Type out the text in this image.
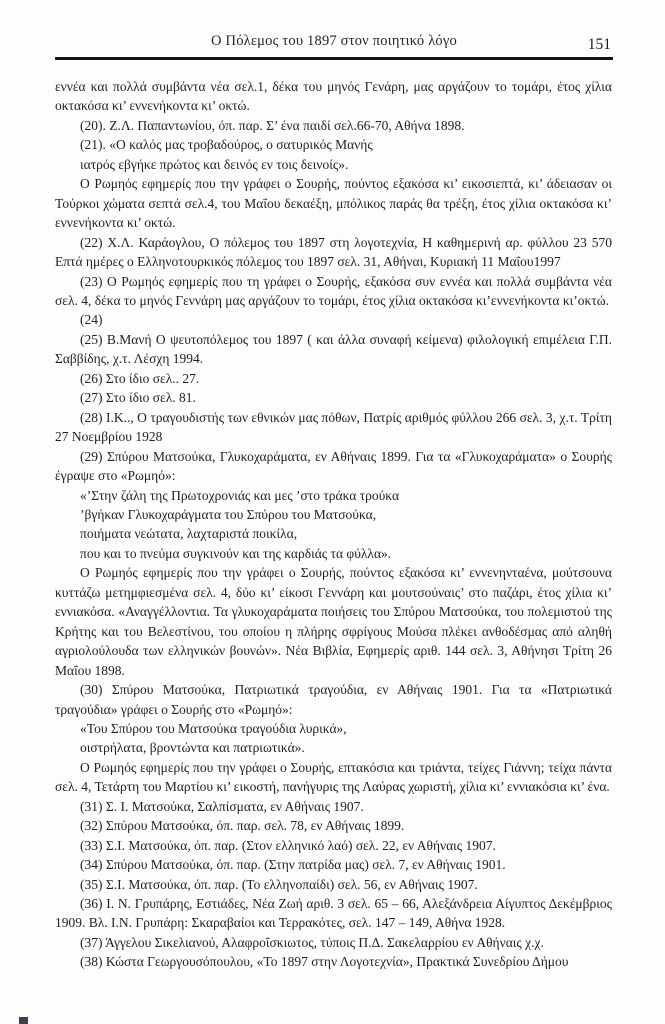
Ο Πόλεμος του 1897 στον ποιητικό λόγο	151

εννέα και πολλά συμβάντα νέα σελ.1, δέκα του μηνός Γενάρη, μας αργάζουν το τομάρι, έτος χίλια οκτακόσα κι’ εννενήκοντα κι’ οκτώ.

(20). Ζ.Λ. Παπαντωνίου, όπ. παρ. Σ’ ένα παιδί σελ.66-70, Αθήνα 1898.

(21). «Ο καλός μας τροβαδούρος, ο σατυρικός Μανής

ιατρός εβγήκε πρώτος και δεινός εν τοις δεινοίς».

Ο Ρωμηός εφημερίς που την γράφει ο Σουρής, πούντος εξακόσα κι’ εικοσιεπτά, κι’ άδειασαν οι Τούρκοι χώματα σεπτά σελ.4, του Μαΐου δεκαέξη, μπόλικος παράς θα τρέξη, έτος χίλια οκτακόσα κι’ εννενήκοντα κι’ οκτώ.

(22) Χ.Λ. Καράογλου, Ο πόλεμος του 1897 στη λογοτεχνία, Η καθημερινή αρ. φύλλου 23 570 Επτά ημέρες ο Ελληνοτουρκικός πόλεμος του 1897 σελ. 31, Αθήναι, Κυριακή 11 Μαΐου1997

(23) Ο Ρωμηός εφημερίς που τη γράφει ο Σουρής, εξακόσα συν εννέα και πολλά συμβάντα νέα σελ. 4, δέκα το μηνός Γεννάρη μας αργάζουν το τομάρι, έτος χίλια οκτακόσα κι’εννενήκοντα κι’οκτώ.

(24)

(25) Β.Μανή Ο ψευτοπόλεμος του 1897 ( και άλλα συναφή κείμενα) φιλολογική επιμέλεια Γ.Π. Σαββίδης, χ.τ. Λέσχη 1994.

(26) Στο ίδιο σελ.. 27.

(27) Στο ίδιο σελ. 81.

(28) Ι.Κ.., Ο τραγουδιστής των εθνικών μας πόθων, Πατρίς αριθμός φύλλου 266 σελ. 3, χ.τ. Τρίτη 27 Νοεμβρίου 1928

(29) Σπύρου Ματσούκα, Γλυκοχαράματα, εν Αθήναις 1899. Για τα «Γλυκοχαράματα» ο Σουρής έγραψε στο «Ρωμηό»:

«’Στην ζάλη της Πρωτοχρονιάς και μες ’στο τράκα τρούκα

’βγήκαν Γλυκοχαράγματα του Σπύρου του Ματσούκα,

ποιήματα νεώτατα, λαχταριστά ποικίλα,

που και το πνεύμα συγκινούν και της καρδιάς τα φύλλα».

Ο Ρωμηός εφημερίς που την γράφει ο Σουρής, πούντος εξακόσα κι’ εννενηνταένα, μούτσουνα κυττάζω μετημφιεσμένα σελ. 4, δύο κι’ είκοσι Γεννάρη και μουτσούναις’ στο παζάρι, έτος χίλια κι’ εννιακόσα. «Αναγγέλλοντια. Τα γλυκοχαράματα ποιήσεις του Σπύρου Ματσούκα, του πολεμιστού της Κρήτης και του Βελεστίνου, του οποίου η πλήρης σφρίγους Μούσα πλέκει ανθοδέσμας από αληθή αγριολούλουδα των ελληνικών βουνών». Νέα Βιβλία, Εφημερίς αριθ. 144 σελ. 3, Αθήνησι Τρίτη 26 Μαΐου 1898.

(30) Σπύρου Ματσούκα, Πατριωτικά τραγούδια, εν Αθήναις 1901. Για τα «Πατριωτικά τραγούδια» γράφει ο Σουρής στο «Ρωμηό»:

«Του Σπύρου του Ματσούκα τραγούδια λυρικά»,

οιστρήλατα, βροντώντα και πατριωτικά».

Ο Ρωμηός εφημερίς που την γράφει ο Σουρής, επτακόσια και τριάντα, τείχες Γιάννη; τείχα πάντα σελ. 4, Τετάρτη του Μαρτίου κι’ εικοστή, πανήγυρις της Λαύρας χωριστή, χίλια κι’ εννιακόσια κι’ ένα.

(31) Σ. Ι. Ματσούκα, Σαλπίσματα, εν Αθήναις 1907.

(32) Σπύρου Ματσούκα, όπ. παρ. σελ. 78, εν Αθήναις 1899.

(33) Σ.Ι. Ματσούκα, όπ. παρ. (Στον ελληνικό λαό) σελ. 22, εν Αθήναις 1907.

(34) Σπύρου Ματσούκα, όπ. παρ. (Στην πατρίδα μας) σελ. 7, εν Αθήναις 1901.

(35) Σ.Ι. Ματσούκα, όπ. παρ. (Το ελληνοπαίδι) σελ. 56, εν Αθήναις 1907.

(36) Ι. Ν. Γρυπάρης, Εστιάδες, Νέα Ζωή αριθ. 3 σελ. 65 – 66, Αλεξάνδρεια Αίγυπτος Δεκέμβριος 1909. Βλ. Ι.Ν. Γρυπάρη: Σκαραβαίοι και Τερρακότες, σελ. 147 – 149, Αθήνα 1928.

(37) Άγγελου Σικελιανού, Αλαφροΐσκιωτος, τύποις Π.Δ. Σακελαρρίου εν Αθήναις χ.χ.

(38) Κώστα Γεωργουσόπουλου, «Το 1897 στην Λογοτεχνία», Πρακτικά Συνεδρίου Δήμου
